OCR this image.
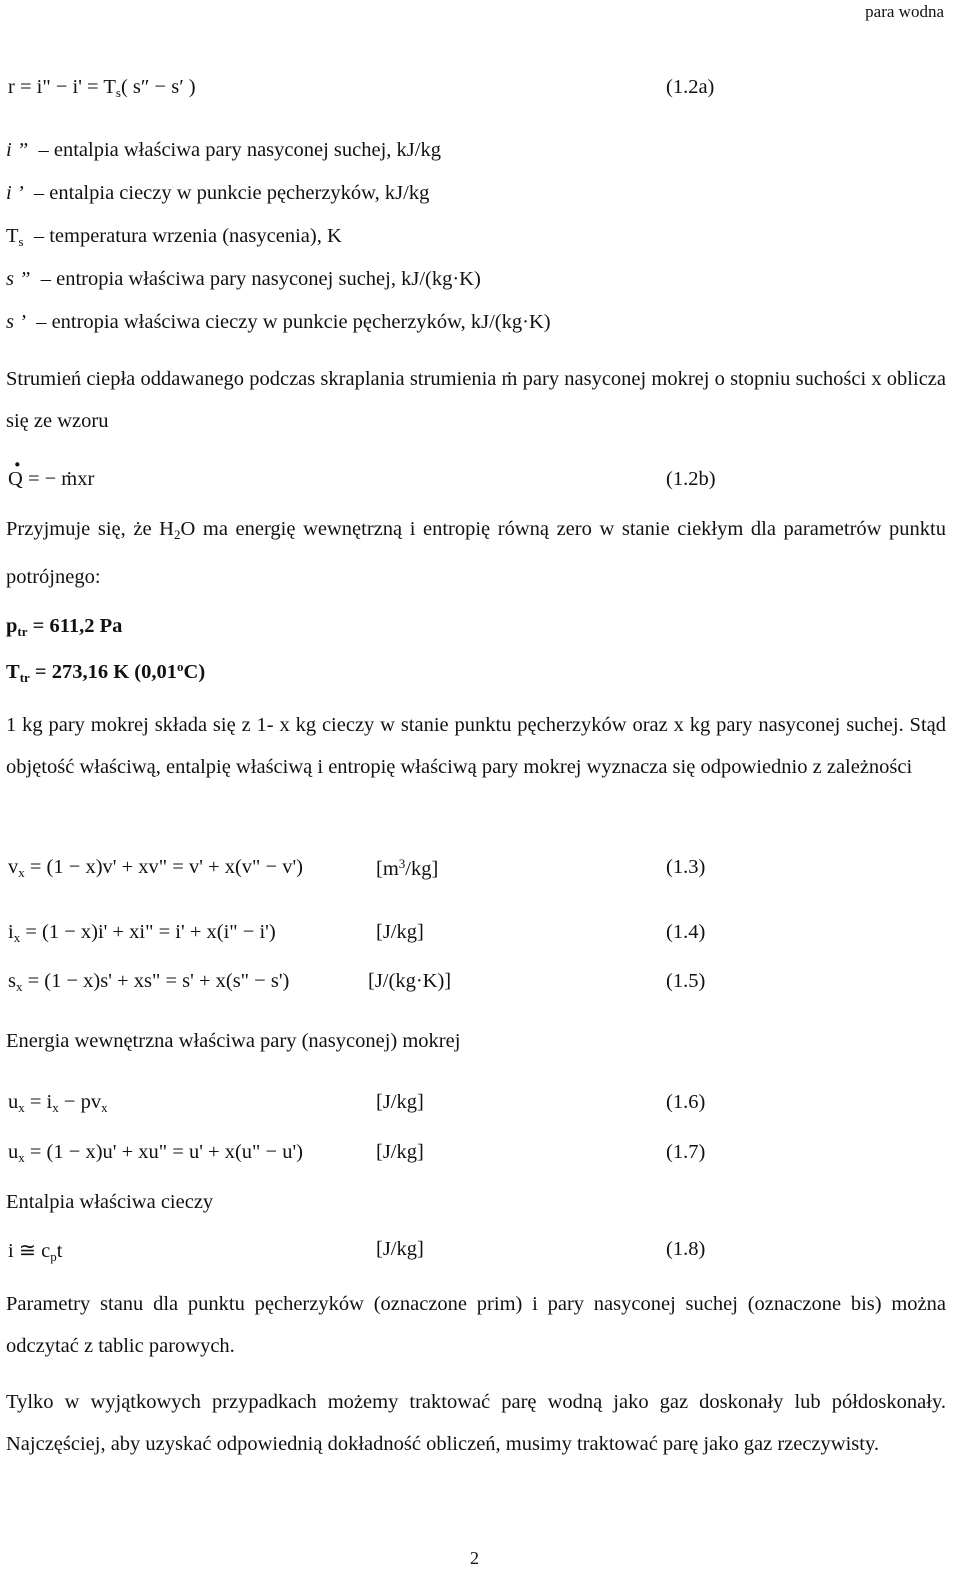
para wodna
r = i" − $i' = T_s$( s″ − s′ )	(1.2a)
i ” – entalpia właściwa pary nasyconej suchej, kJ/kg
i ’ – entalpia cieczy w punkcie pęcherzyków, kJ/kg
$T_s$ – temperatura wrzenia (nasycenia), K
s ” – entropia właściwa pary nasyconej suchej, kJ/(kg·K)
s ’ – entropia właściwa cieczy w punkcie pęcherzyków, kJ/(kg·K)

Strumień ciepła oddawanego podczas skraplania strumienia ṁ pary nasyconej mokrej o stopniu suchości x oblicza się ze wzoru

· Q = − ṁxr	(1.2b)

Przyjmuje się, że $H_2O$ ma energię wewnętrzną i entropię równą zero w stanie ciekłym dla parametrów punktu potrójnego:

$p_{tr} = 611,2$ Pa
$T_{tr} = 273,16$ K (0,01$^o$C)

1 kg pary mokrej składa się z 1- x kg cieczy w stanie punktu pęcherzyków oraz x kg pary nasyconej suchej. Stąd objętość właściwą, entalpię właściwą i entropię właściwą pary mokrej wyznacza się odpowiednio z zależności

$v_x = (1 - x)v'$ + xv" = v' + x(v" − v')	$[m^3/kg]$	(1.3)
$i_x = (1 - x)i'$ + xi" = i' + x(i" − i')	[J/kg]	(1.4)
$s_x = (1 - x)s'$ + xs" = s' + x(s" − s')	[J/(kg·K)]	(1.5)
Energia wewnętrzna właściwa pary (nasyconej) mokrej
$u_x = i_x - pv_x$	[J/kg]	(1.6)
$u_x = (1 - x)u'$ + xu" = u' + x(u" − u')	[J/kg]	(1.7)
Entalpia właściwa cieczy
i ≅ $c_pt$	[J/kg]	(1.8)

Parametry stanu dla punktu pęcherzyków (oznaczone prim) i pary nasyconej suchej (oznaczone bis) można odczytać z tablic parowych.

Tylko w wyjątkowych przypadkach możemy traktować parę wodną jako gaz doskonały lub półdoskonały. Najczęściej, aby uzyskać odpowiednią dokładność obliczeń, musimy traktować parę jako gaz rzeczywisty.

2
